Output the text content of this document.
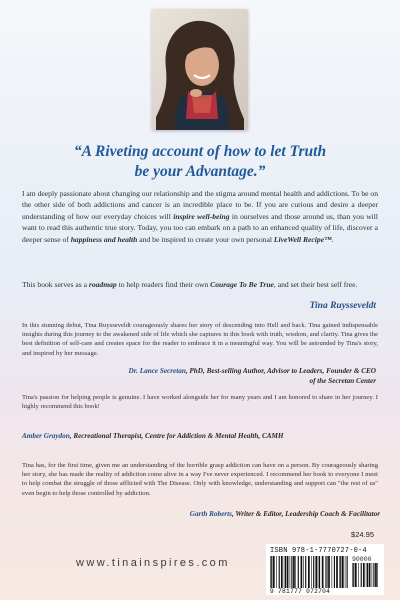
“A Riveting account of how to let Truth
be your Advantage.”
I am deeply passionate about changing our relationship and the stigma around mental health and addictions. To be on the other side of both addictions and cancer is an incredible place to be. If you are curious and desire a deeper understanding of how our everyday choices will inspire well-being in ourselves and those around us, than you will want to read this authentic true story. Today, you too can embark on a path to an enhanced quality of life, discover a deeper sense of happiness and health and be inspired to create your own personal LiveWell Recipe™.
This book serves as a roadmap to help readers find their own Courage To Be True, and set their best self free.
Tina Ruysseveldt
In this stunning debut, Tina Ruysseveldt courageously shares her story of descending into Hell and back. Tina gained indispensable insights during this journey to the awakened side of life which she captures in this book with truth, wisdom, and clarity. Tina gives the best definition of self-care and creates space for the reader to embrace it in a meaningful way. You will be astounded by Tina's story, and inspired by her message.
Dr. Lance Secretan, PhD, Best-selling Author, Advisor to Leaders, Founder & CEO
of the Secretan Center
Tina's passion for helping people is genuine. I have worked alongside her for many years and I am honored to share in her journey. I highly recommend this book!
Amber Graydon, Recreational Therapist, Centre for Addiction & Mental Health, CAMH
Tina has, for the first time, given me an understanding of the horrible grasp addiction can have on a person. By courageously sharing her story, she has made the reality of addiction come alive in a way I've never experienced. I recommend her book to everyone I meet to help combat the struggle of those afflicted with The Disease. Only with knowledge, understanding and support can "the rest of us" even begin to help those controlled by addiction.
Garth Roberts, Writer & Editor, Leadership Coach & Facilitator
$24.95
www.tinainspires.com
ISBN 978-1-7770727-0-4
90000
9 781777 072704
